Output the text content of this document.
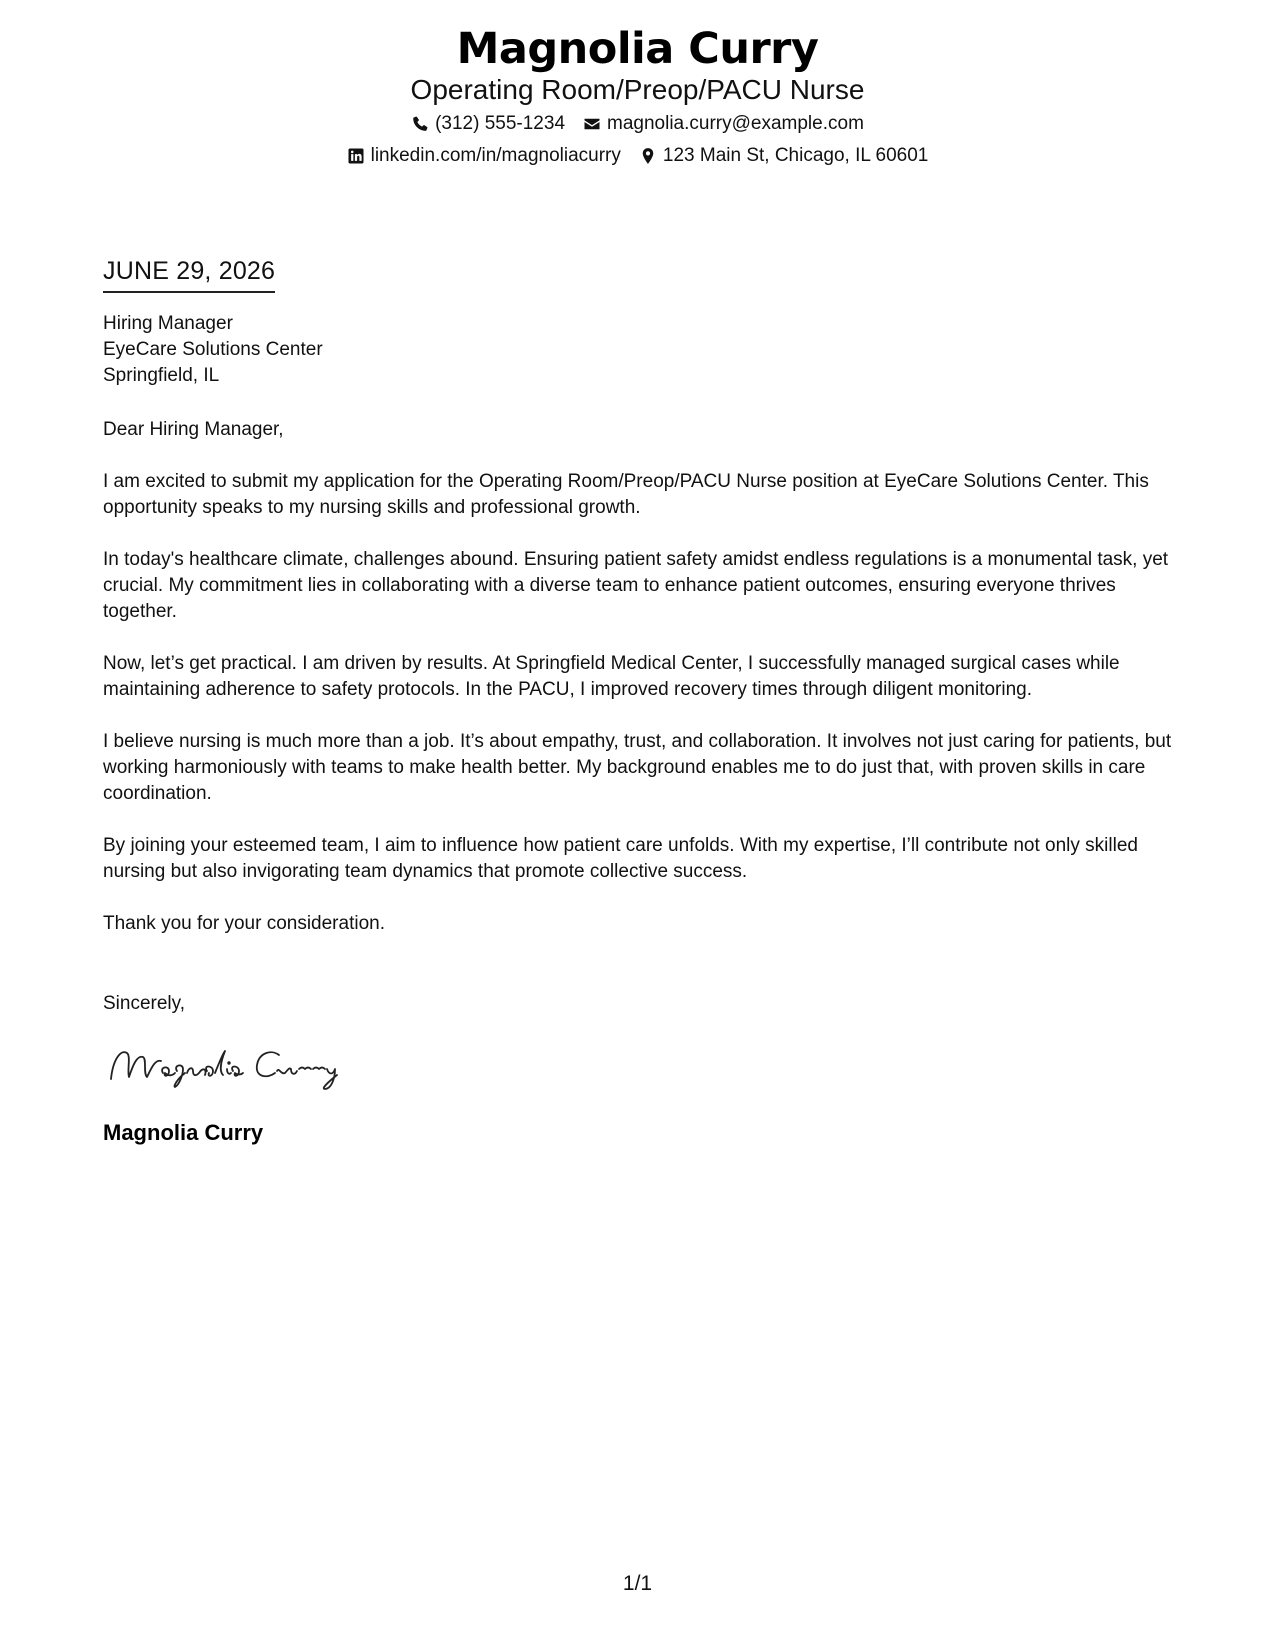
Magnolia Curry
Operating Room/Preop/PACU Nurse
(312) 555-1234 magnolia.curry@example.com
linkedin.com/in/magnoliacurry 123 Main St, Chicago, IL 60601
JUNE 29, 2026
Hiring Manager
EyeCare Solutions Center
Springfield, IL
Dear Hiring Manager,

I am excited to submit my application for the Operating Room/Preop/PACU Nurse position at EyeCare Solutions Center. This opportunity speaks to my nursing skills and professional growth.

In today's healthcare climate, challenges abound. Ensuring patient safety amidst endless regulations is a monumental task, yet crucial. My commitment lies in collaborating with a diverse team to enhance patient outcomes, ensuring everyone thrives together.

Now, let’s get practical. I am driven by results. At Springfield Medical Center, I successfully managed surgical cases while maintaining adherence to safety protocols. In the PACU, I improved recovery times through diligent monitoring.

I believe nursing is much more than a job. It’s about empathy, trust, and collaboration. It involves not just caring for patients, but working harmoniously with teams to make health better. My background enables me to do just that, with proven skills in care coordination.

By joining your esteemed team, I aim to influence how patient care unfolds. With my expertise, I’ll contribute not only skilled nursing but also invigorating team dynamics that promote collective success.

Thank you for your consideration.

Sincerely,
Magnolia Curry
1/1
